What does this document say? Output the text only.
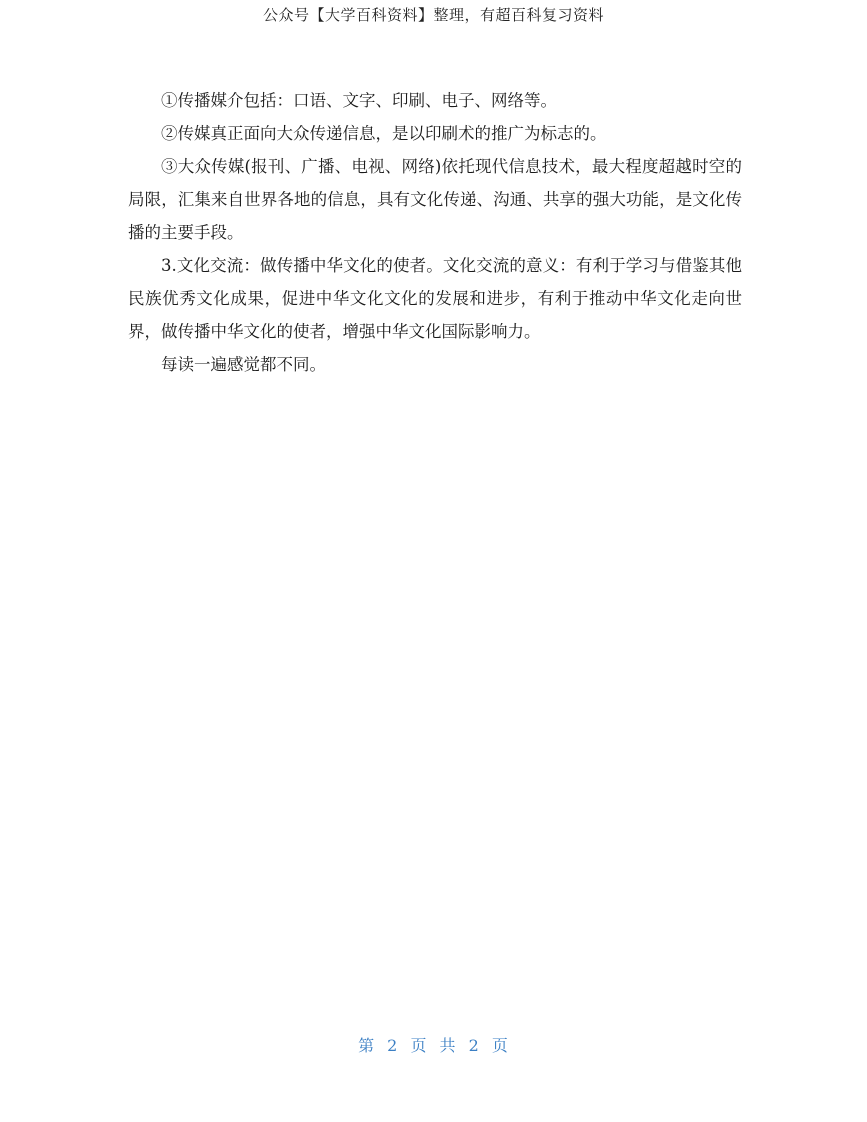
公众号【大学百科资料】整理，有超百科复习资料

①传播媒介包括：口语、文字、印刷、电子、网络等。

②传媒真正面向大众传递信息，是以印刷术的推广为标志的。

③大众传媒(报刊、广播、电视、网络)依托现代信息技术，最大程度超越时空的局限，汇集来自世界各地的信息，具有文化传递、沟通、共享的强大功能，是文化传播的主要手段。

3.文化交流：做传播中华文化的使者。文化交流的意义：有利于学习与借鉴其他民族优秀文化成果，促进中华文化文化的发展和进步，有利于推动中华文化走向世界，做传播中华文化的使者，增强中华文化国际影响力。

每读一遍感觉都不同。

第 2 页 共 2 页
